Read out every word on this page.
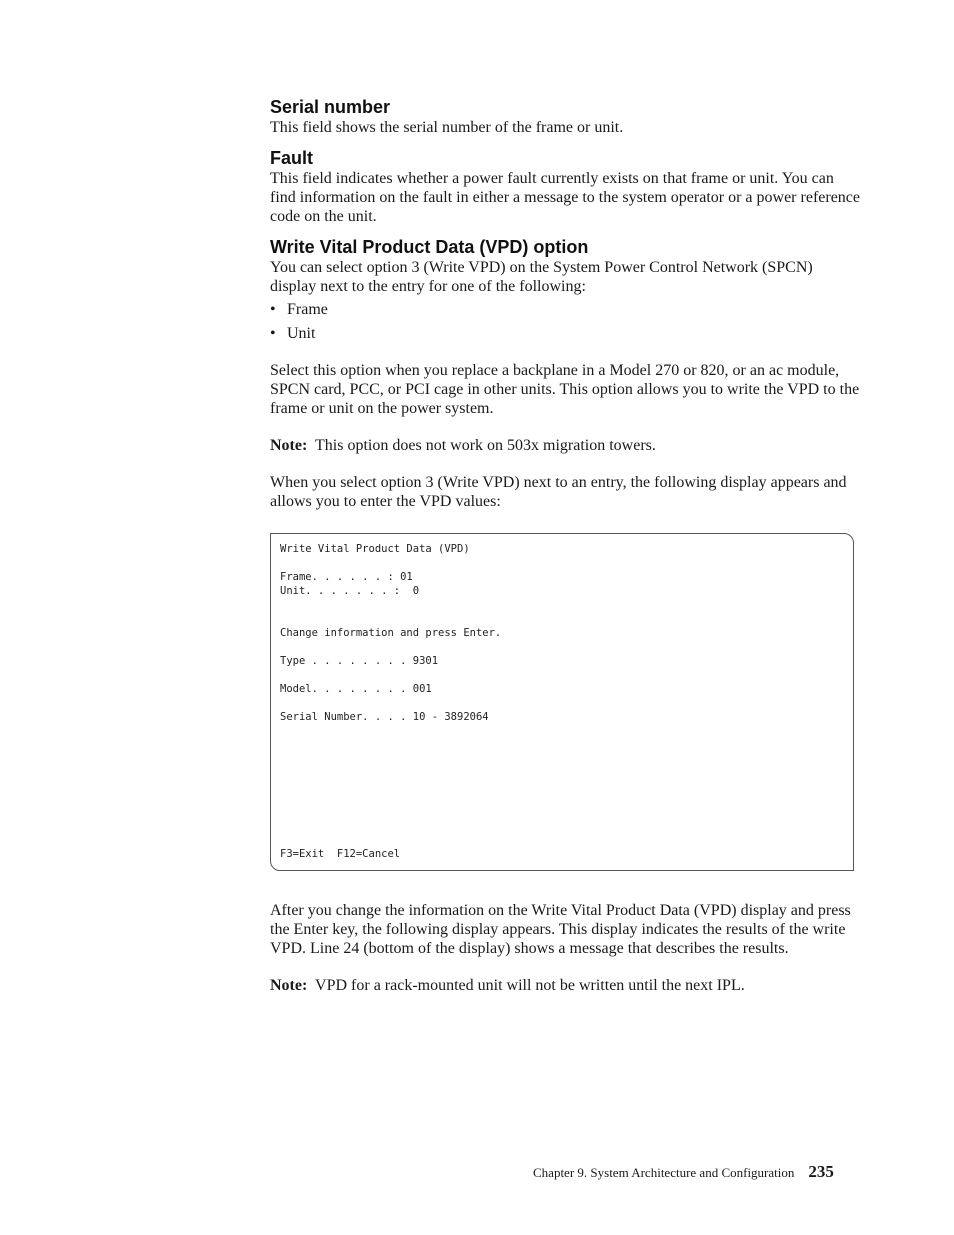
Serial number

This field shows the serial number of the frame or unit.

Fault

This field indicates whether a power fault currently exists on that frame or unit. You can find information on the fault in either a message to the system operator or a power reference code on the unit.

Write Vital Product Data (VPD) option

You can select option 3 (Write VPD) on the System Power Control Network (SPCN) display next to the entry for one of the following:

• Frame
• Unit

Select this option when you replace a backplane in a Model 270 or 820, or an ac module, SPCN card, PCC, or PCI cage in other units. This option allows you to write the VPD to the frame or unit on the power system.

Note: This option does not work on 503x migration towers.

When you select option 3 (Write VPD) next to an entry, the following display appears and allows you to enter the VPD values:

Write Vital Product Data (VPD)
Frame. . . . . . : 01
Unit. . . . . . . :  0
Change information and press Enter.
Type . . . . . . . . 9301
Model. . . . . . . . 001
Serial Number. . . . 10 - 3892064
F3=Exit  F12=Cancel

After you change the information on the Write Vital Product Data (VPD) display and press the Enter key, the following display appears. This display indicates the results of the write VPD. Line 24 (bottom of the display) shows a message that describes the results.

Note: VPD for a rack-mounted unit will not be written until the next IPL.

Chapter 9. System Architecture and Configuration 235
